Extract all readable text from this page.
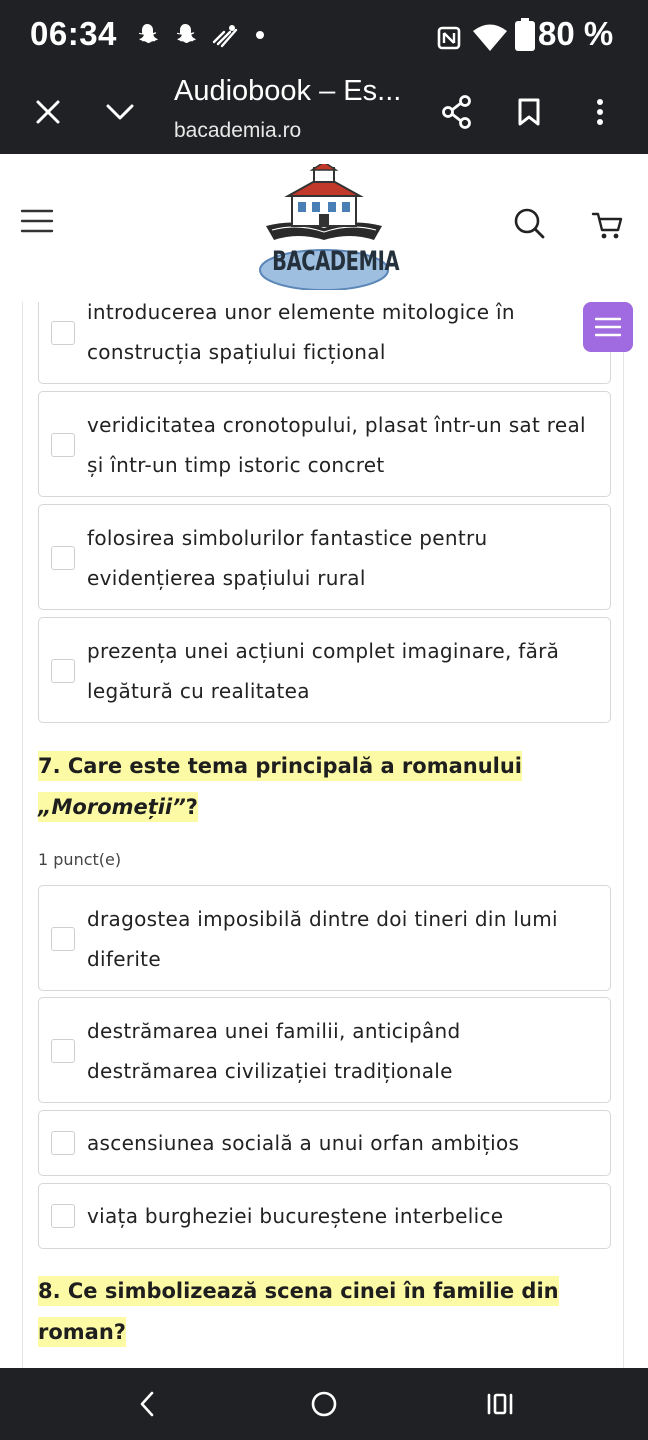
06:34	80 %
Audiobook – Es...
bacademia.ro
BACADEMIA
introducerea unor elemente mitologice în construcția spațiului ficțional
veridicitatea cronotopului, plasat într-un sat real și într-un timp istoric concret
folosirea simbolurilor fantastice pentru evidențierea spațiului rural
prezența unei acțiuni complet imaginare, fără legătură cu realitatea
7. Care este tema principală a romanului „Moromeții”?
1 punct(e)
dragostea imposibilă dintre doi tineri din lumi diferite
destrămarea unei familii, anticipând destrămarea civilizației tradiționale
ascensiunea socială a unui orfan ambițios
viața burgheziei bucureștene interbelice
8. Ce simbolizează scena cinei în familie din roman?
